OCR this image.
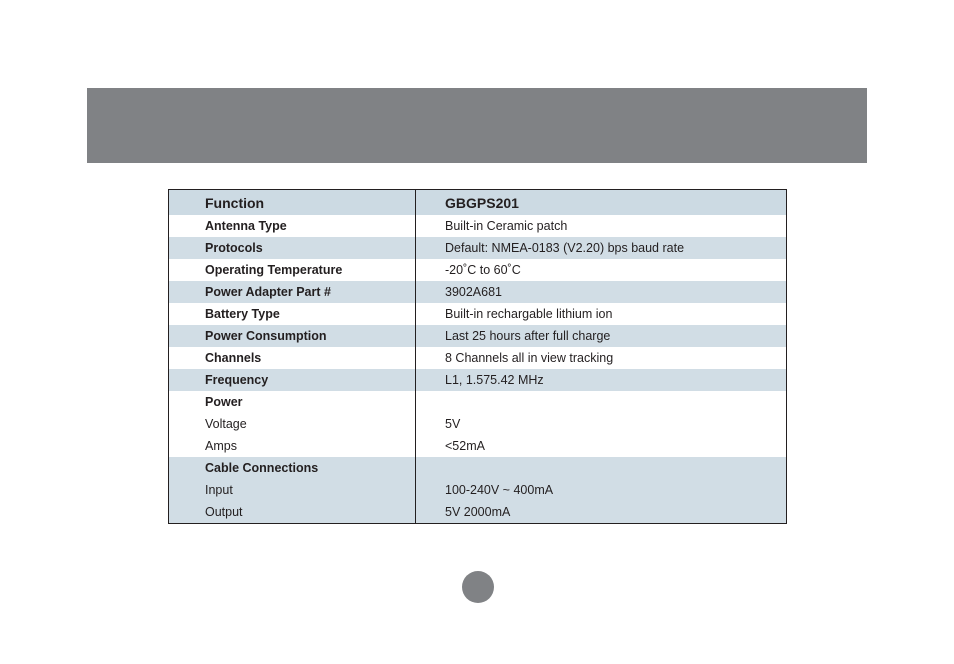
Function	GBGPS201
Antenna Type	Built-in Ceramic patch
Protocols	Default: NMEA-0183 (V2.20) bps baud rate
Operating Temperature	-20˚C to 60˚C
Power Adapter Part #	3902A681
Battery Type	Built-in rechargable lithium ion
Power Consumption	Last 25 hours after full charge
Channels	8 Channels all in view tracking
Frequency	L1, 1.575.42 MHz
Power	
Voltage	5V
Amps	<52mA
Cable Connections	
Input	100-240V ~ 400mA
Output	5V 2000mA
